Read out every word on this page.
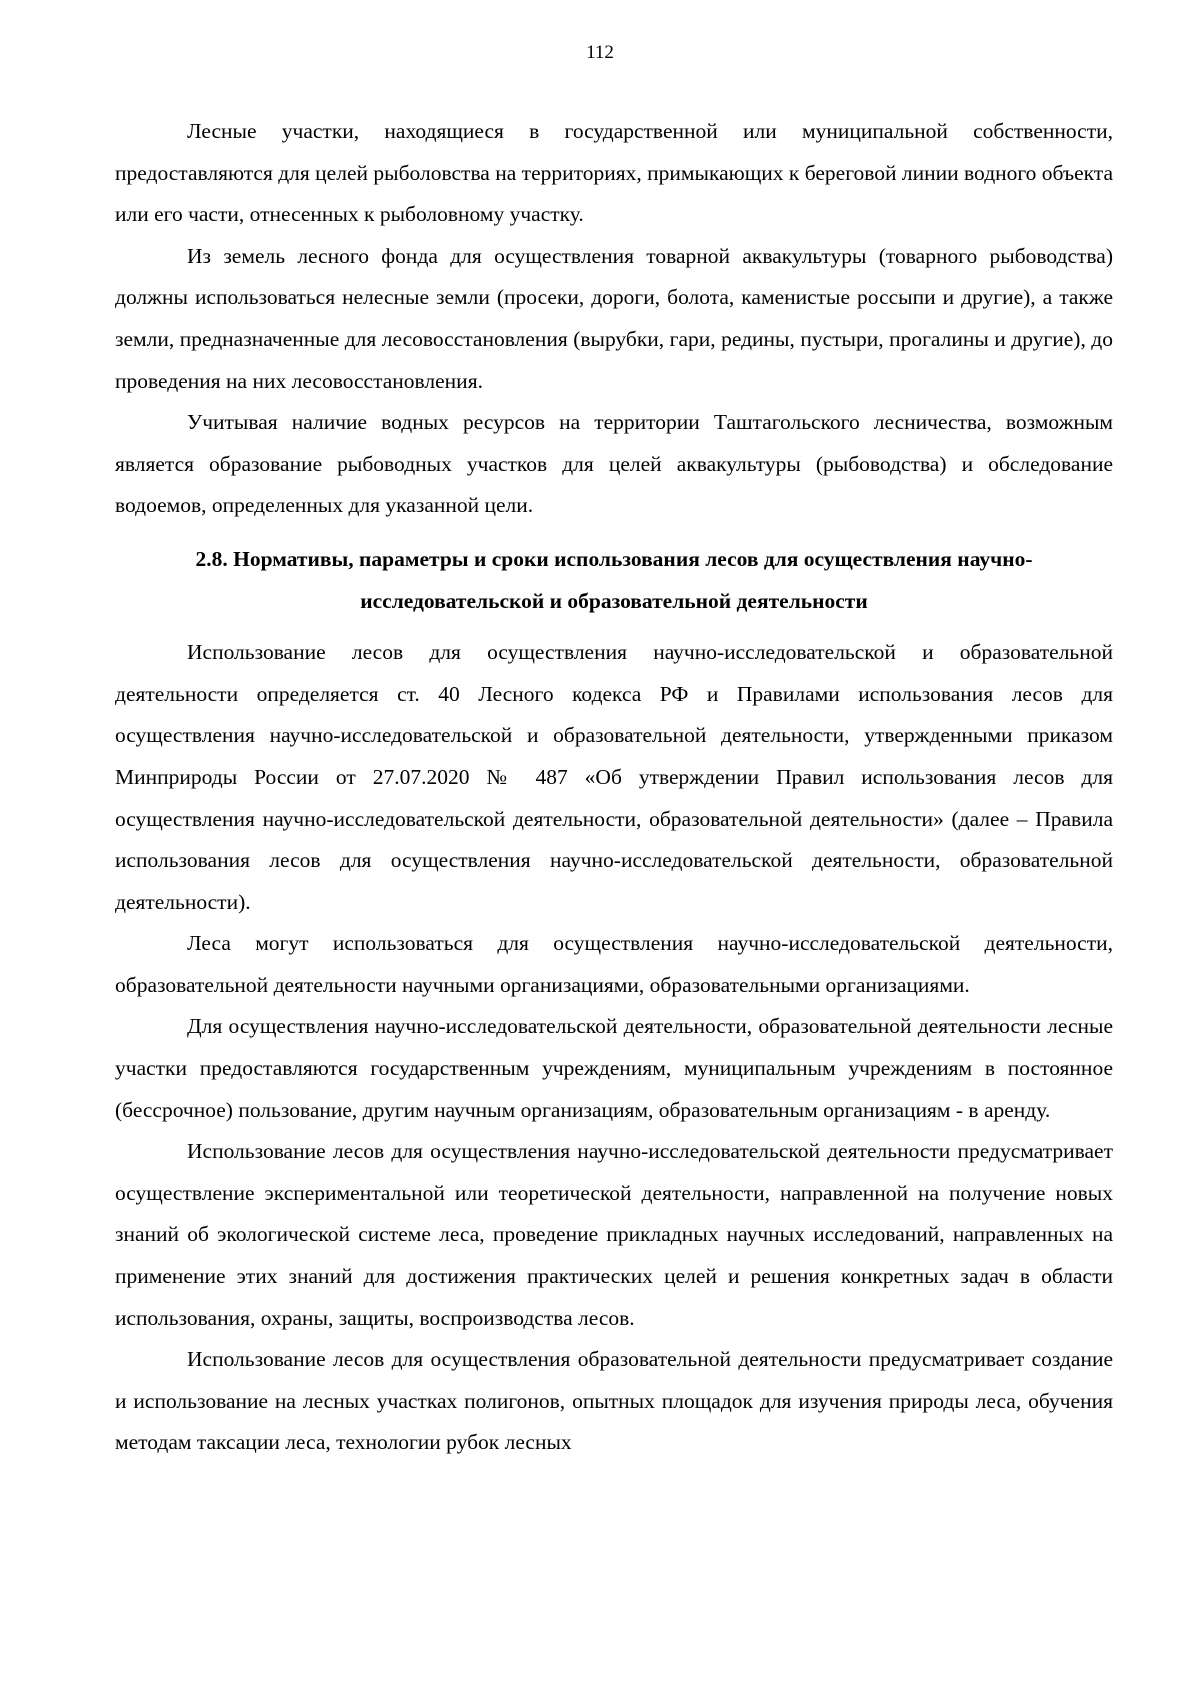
112

Лесные участки, находящиеся в государственной или муниципальной собственности, предоставляются для целей рыболовства на территориях, примыкающих к береговой линии водного объекта или его части, отнесенных к рыболовному участку.

Из земель лесного фонда для осуществления товарной аквакультуры (товарного рыбоводства) должны использоваться нелесные земли (просеки, дороги, болота, каменистые россыпи и другие), а также земли, предназначенные для лесовосстановления (вырубки, гари, редины, пустыри, прогалины и другие), до проведения на них лесовосстановления.

Учитывая наличие водных ресурсов на территории Таштагольского лесничества, возможным является образование рыбоводных участков для целей аквакультуры (рыбоводства) и обследование водоемов, определенных для указанной цели.

2.8. Нормативы, параметры и сроки использования лесов для осуществления научно-исследовательской и образовательной деятельности

Использование лесов для осуществления научно-исследовательской и образовательной деятельности определяется ст. 40 Лесного кодекса РФ и Правилами использования лесов для осуществления научно-исследовательской и образовательной деятельности, утвержденными приказом Минприроды России от 27.07.2020 № 487 «Об утверждении Правил использования лесов для осуществления научно-исследовательской деятельности, образовательной деятельности» (далее – Правила использования лесов для осуществления научно-исследовательской деятельности, образовательной деятельности).

Леса могут использоваться для осуществления научно-исследовательской деятельности, образовательной деятельности научными организациями, образовательными организациями.

Для осуществления научно-исследовательской деятельности, образовательной деятельности лесные участки предоставляются государственным учреждениям, муниципальным учреждениям в постоянное (бессрочное) пользование, другим научным организациям, образовательным организациям - в аренду.

Использование лесов для осуществления научно-исследовательской деятельности предусматривает осуществление экспериментальной или теоретической деятельности, направленной на получение новых знаний об экологической системе леса, проведение прикладных научных исследований, направленных на применение этих знаний для достижения практических целей и решения конкретных задач в области использования, охраны, защиты, воспроизводства лесов.

Использование лесов для осуществления образовательной деятельности предусматривает создание и использование на лесных участках полигонов, опытных площадок для изучения природы леса, обучения методам таксации леса, технологии рубок лесных
